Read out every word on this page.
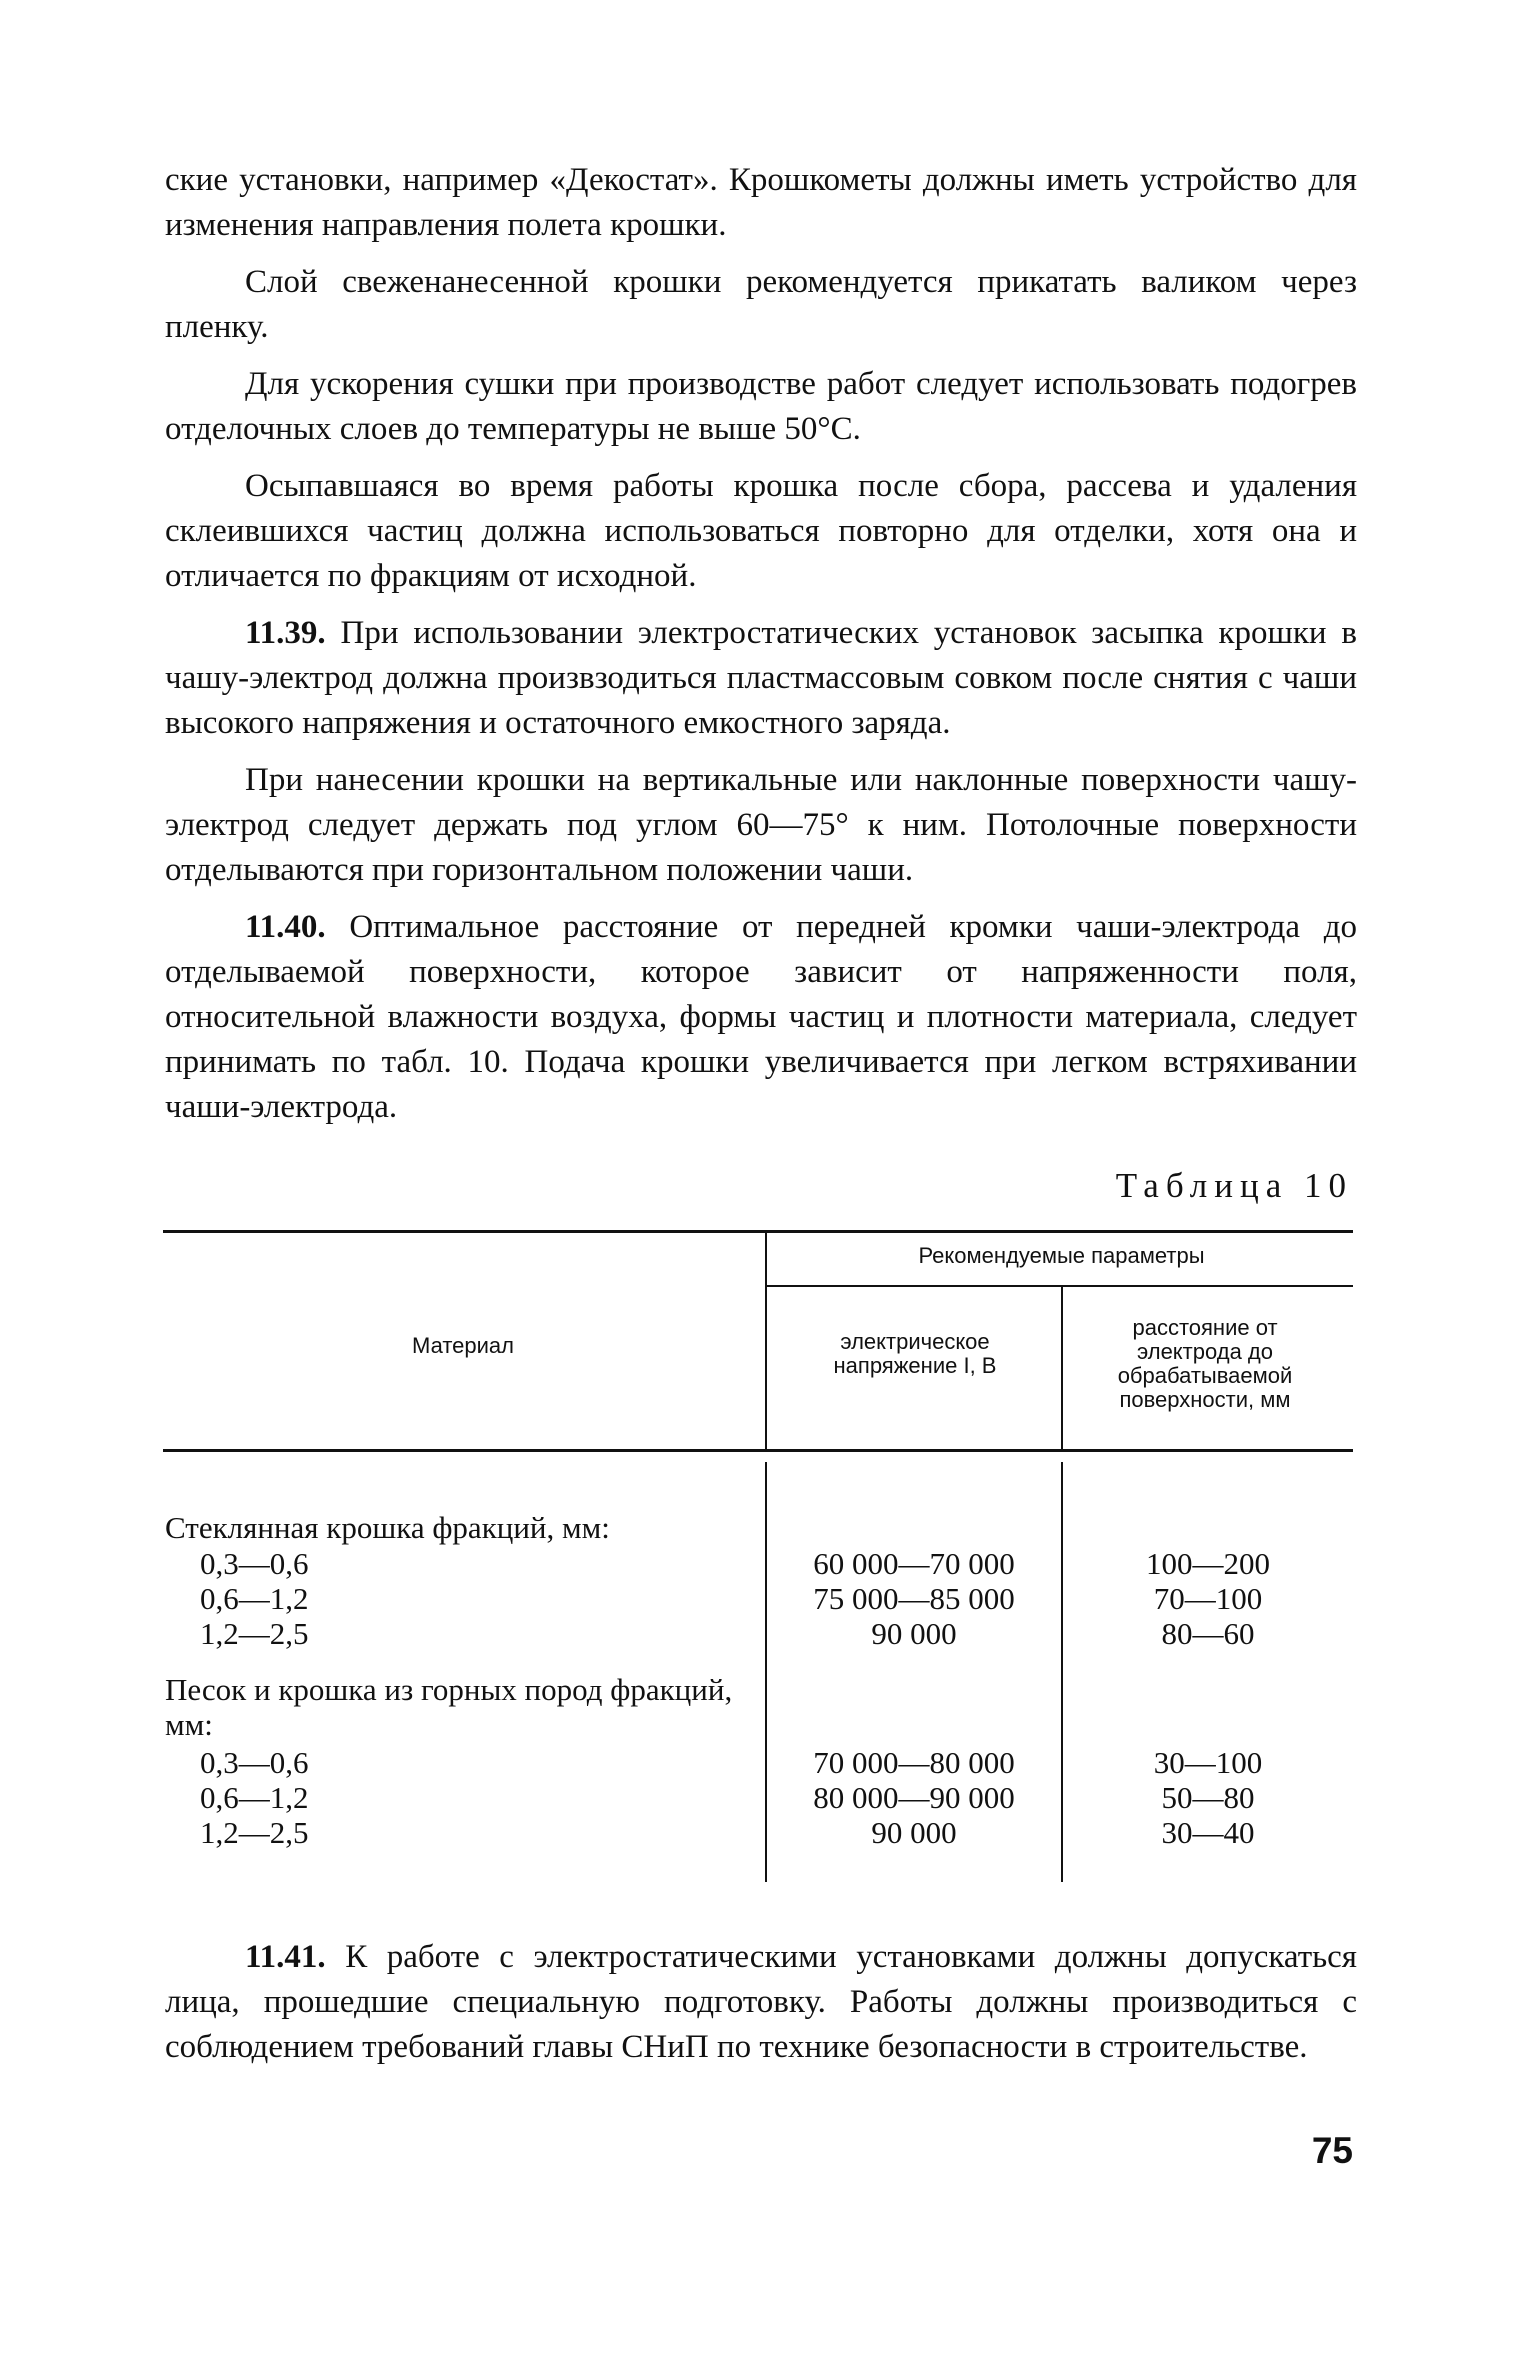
ские установки, например «Декостат». Крошкометы должны иметь устройство для изменения направления полета крошки.

Слой свеженанесенной крошки рекомендуется прикатать валиком через пленку.

Для ускорения сушки при производстве работ следует использовать подогрев отделочных слоев до температуры не выше 50°С.

Осыпавшаяся во время работы крошка после сбора, рассева и удаления склеившихся частиц должна использоваться повторно для отделки, хотя она и отличается по фракциям от исходной.

11.39. При использовании электростатических установок засыпка крошки в чашу-электрод должна произвзодиться пластмассовым совком после снятия с чаши высокого напряжения и остаточного емкостного заряда.

При нанесении крошки на вертикальные или наклонные поверхности чашу-электрод следует держать под углом 60—75° к ним. Потолочные поверхности отделываются при горизонтальном положении чаши.

11.40. Оптимальное расстояние от передней кромки чаши-электрода до отделываемой поверхности, которое зависит от напряженности поля, относительной влажности воздуха, формы частиц и плотности материала, следует принимать по табл. 10. Подача крошки увеличивается при легком встряхивании чаши-электрода.

Таблица 10
Рекомендуемые параметры
Материал	электрическое напряжение I, В
расстояние от электрода до обрабатываемой поверхности, мм
Стеклянная крошка фракций, мм:
0,3—0,6
0,6—1,2
1,2—2,5
60 000—70 000
75 000—85 000
90 000
100—200
70—100
80—60
Песок и крошка из горных пород фракций, мм:
0,3—0,6
0,6—1,2
1,2—2,5
70 000—80 000
80 000—90 000
90 000
30—100
50—80
30—40

11.41. К работе с электростатическими установками должны допускаться лица, прошедшие специальную подготовку. Работы должны производиться с соблюдением требований главы СНиП по технике безопасности в строительстве.

75
